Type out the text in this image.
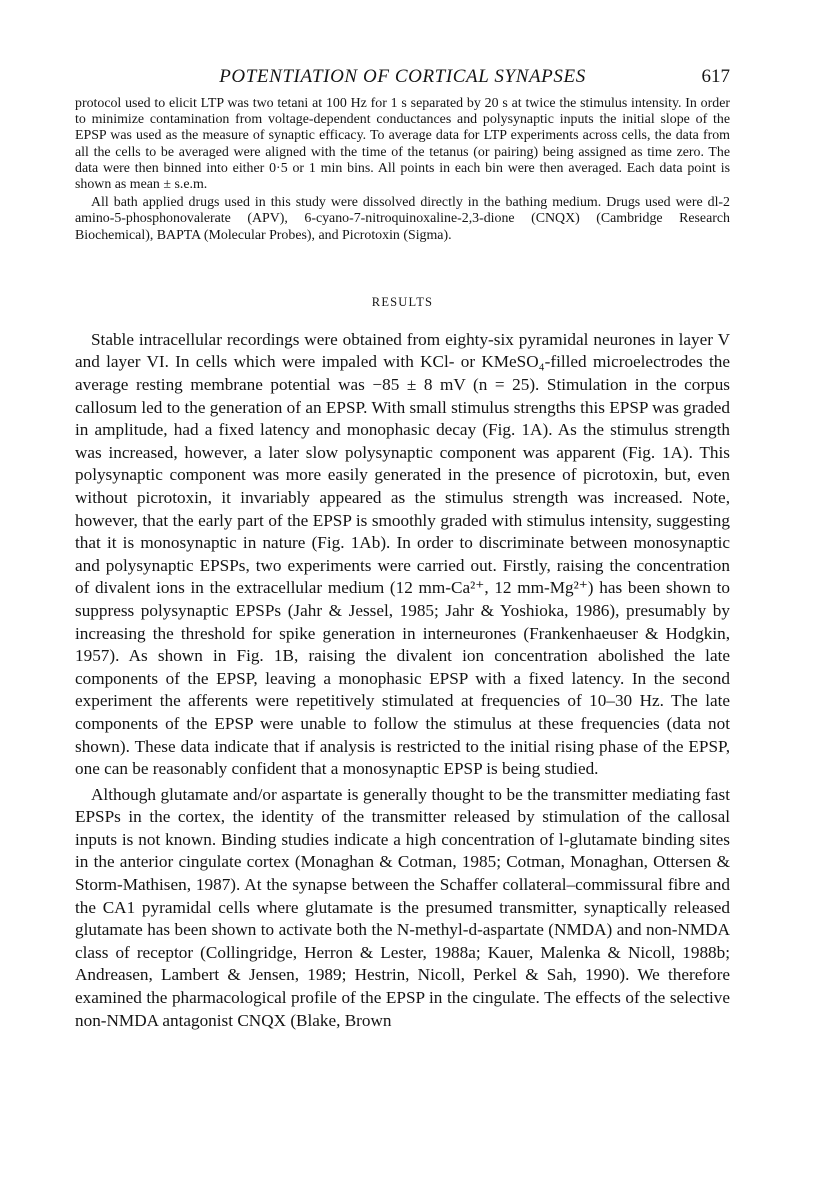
POTENTIATION OF CORTICAL SYNAPSES	617

protocol used to elicit LTP was two tetani at 100 Hz for 1 s separated by 20 s at twice the stimulus intensity. In order to minimize contamination from voltage-dependent conductances and polysynaptic inputs the initial slope of the EPSP was used as the measure of synaptic efficacy. To average data for LTP experiments across cells, the data from all the cells to be averaged were aligned with the time of the tetanus (or pairing) being assigned as time zero. The data were then binned into either 0·5 or 1 min bins. All points in each bin were then averaged. Each data point is shown as mean ± s.e.m.

All bath applied drugs used in this study were dissolved directly in the bathing medium. Drugs used were dl-2 amino-5-phosphonovalerate (APV), 6-cyano-7-nitroquinoxaline-2,3-dione (CNQX) (Cambridge Research Biochemical), BAPTA (Molecular Probes), and Picrotoxin (Sigma).

RESULTS

Stable intracellular recordings were obtained from eighty-six pyramidal neurones in layer V and layer VI. In cells which were impaled with KCl- or KMeSO₄-filled microelectrodes the average resting membrane potential was −85 ± 8 mV (n = 25). Stimulation in the corpus callosum led to the generation of an EPSP. With small stimulus strengths this EPSP was graded in amplitude, had a fixed latency and monophasic decay (Fig. 1A). As the stimulus strength was increased, however, a later slow polysynaptic component was apparent (Fig. 1A). This polysynaptic component was more easily generated in the presence of picrotoxin, but, even without picrotoxin, it invariably appeared as the stimulus strength was increased. Note, however, that the early part of the EPSP is smoothly graded with stimulus intensity, suggesting that it is monosynaptic in nature (Fig. 1Ab). In order to discriminate between monosynaptic and polysynaptic EPSPs, two experiments were carried out. Firstly, raising the concentration of divalent ions in the extracellular medium (12 mm-Ca²⁺, 12 mm-Mg²⁺) has been shown to suppress polysynaptic EPSPs (Jahr & Jessel, 1985; Jahr & Yoshioka, 1986), presumably by increasing the threshold for spike generation in interneurones (Frankenhaeuser & Hodgkin, 1957). As shown in Fig. 1B, raising the divalent ion concentration abolished the late components of the EPSP, leaving a monophasic EPSP with a fixed latency. In the second experiment the afferents were repetitively stimulated at frequencies of 10–30 Hz. The late components of the EPSP were unable to follow the stimulus at these frequencies (data not shown). These data indicate that if analysis is restricted to the initial rising phase of the EPSP, one can be reasonably confident that a monosynaptic EPSP is being studied.

Although glutamate and/or aspartate is generally thought to be the transmitter mediating fast EPSPs in the cortex, the identity of the transmitter released by stimulation of the callosal inputs is not known. Binding studies indicate a high concentration of l-glutamate binding sites in the anterior cingulate cortex (Monaghan & Cotman, 1985; Cotman, Monaghan, Ottersen & Storm-Mathisen, 1987). At the synapse between the Schaffer collateral–commissural fibre and the CA1 pyramidal cells where glutamate is the presumed transmitter, synaptically released glutamate has been shown to activate both the N-methyl-d-aspartate (NMDA) and non-NMDA class of receptor (Collingridge, Herron & Lester, 1988a; Kauer, Malenka & Nicoll, 1988b; Andreasen, Lambert & Jensen, 1989; Hestrin, Nicoll, Perkel & Sah, 1990). We therefore examined the pharmacological profile of the EPSP in the cingulate. The effects of the selective non-NMDA antagonist CNQX (Blake, Brown
